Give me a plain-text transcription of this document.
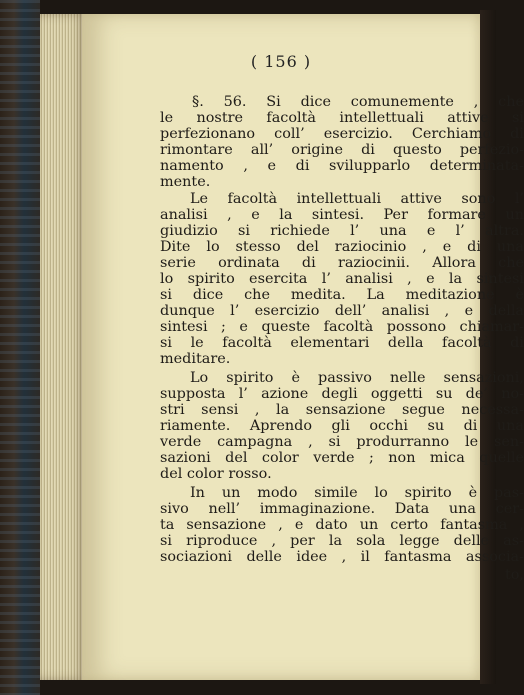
( 156 )
§. 56. Si dice comunemente , che
le nostre facoltà intellettuali attive si
perfezionano coll’ esercizio. Cerchiamo di
rimontare all’ origine di questo perfezio-
namento , e di svilupparlo determinata-
mente.
Le facoltà intellettuali attive sono l’
analisi , e la sintesi. Per formare un
giudizio si richiede l’ una e l’ altra.
Dite lo stesso del raziocinio , e di una
serie ordinata di raziocinii. Allora che
lo spirito esercita l’ analisi , e la sintesi
si dice che meditа. La meditazione è
dunque l’ esercizio dell’ analisi , e della
sintesi ; e queste facoltà possono chiamar-
si le facoltà elementari della facoltà di
meditare.
Lo spirito è passivo nelle sensazioni,
supposta l’ azione degli oggetti su de’ no-
stri sensi , la sensazione segue necessa-
riamente. Aprendo gli occhi su di una
verde campagna , si produrranno le sen-
sazioni del color verde ; non mica quelle
del color rosso.
In un modo simile lo spirito è pas-
sivo nell’ immaginazione. Data una cer-
ta sensazione , e dato un certo fantasma ,
si riproduce , per la sola legge delle as-
sociazioni delle idee , il fantasma associa-
to,
